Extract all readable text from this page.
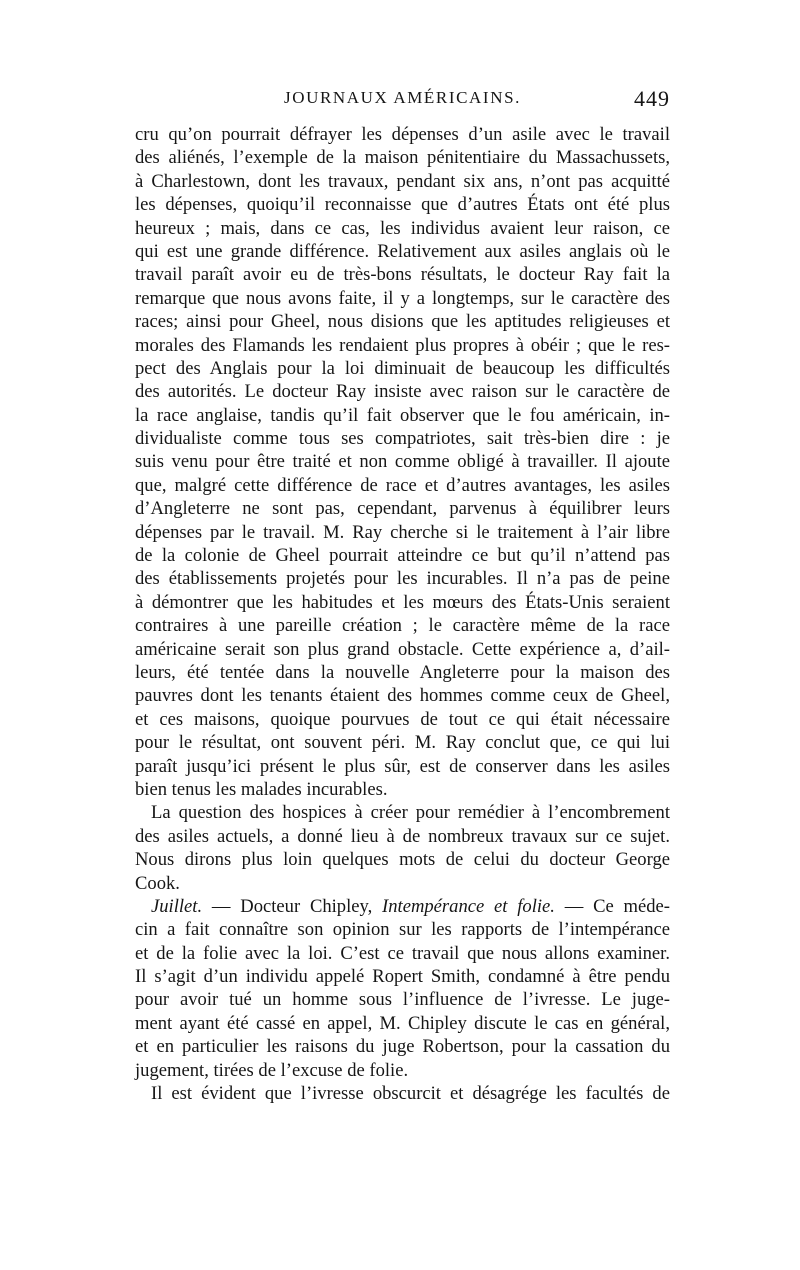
JOURNAUX AMÉRICAINS.	449
cru qu’on pourrait défrayer les dépenses d’un asile avec le travail
des aliénés, l’exemple de la maison pénitentiaire du Massachussets,
à Charlestown, dont les travaux, pendant six ans, n’ont pas acquitté
les dépenses, quoiqu’il reconnaisse que d’autres États ont été plus
heureux ; mais, dans ce cas, les individus avaient leur raison, ce
qui est une grande différence. Relativement aux asiles anglais où le
travail paraît avoir eu de très-bons résultats, le docteur Ray fait la
remarque que nous avons faite, il y a longtemps, sur le caractère des
races; ainsi pour Gheel, nous disions que les aptitudes religieuses et
morales des Flamands les rendaient plus propres à obéir ; que le res-
pect des Anglais pour la loi diminuait de beaucoup les difficultés
des autorités. Le docteur Ray insiste avec raison sur le caractère de
la race anglaise, tandis qu’il fait observer que le fou américain, in-
dividualiste comme tous ses compatriotes, sait très-bien dire : je
suis venu pour être traité et non comme obligé à travailler. Il ajoute
que, malgré cette différence de race et d’autres avantages, les asiles
d’Angleterre ne sont pas, cependant, parvenus à équilibrer leurs
dépenses par le travail. M. Ray cherche si le traitement à l’air libre
de la colonie de Gheel pourrait atteindre ce but qu’il n’attend pas
des établissements projetés pour les incurables. Il n’a pas de peine
à démontrer que les habitudes et les mœurs des États-Unis seraient
contraires à une pareille création ; le caractère même de la race
américaine serait son plus grand obstacle. Cette expérience a, d’ail-
leurs, été tentée dans la nouvelle Angleterre pour la maison des
pauvres dont les tenants étaient des hommes comme ceux de Gheel,
et ces maisons, quoique pourvues de tout ce qui était nécessaire
pour le résultat, ont souvent péri. M. Ray conclut que, ce qui lui
paraît jusqu’ici présent le plus sûr, est de conserver dans les asiles
bien tenus les malades incurables.
La question des hospices à créer pour remédier à l’encombrement
des asiles actuels, a donné lieu à de nombreux travaux sur ce sujet.
Nous dirons plus loin quelques mots de celui du docteur George
Cook.
Juillet. — Docteur Chipley, Intempérance et folie. — Ce méde-
cin a fait connaître son opinion sur les rapports de l’intempérance
et de la folie avec la loi. C’est ce travail que nous allons examiner.
Il s’agit d’un individu appelé Ropert Smith, condamné à être pendu
pour avoir tué un homme sous l’influence de l’ivresse. Le juge-
ment ayant été cassé en appel, M. Chipley discute le cas en général,
et en particulier les raisons du juge Robertson, pour la cassation du
jugement, tirées de l’excuse de folie.
Il est évident que l’ivresse obscurcit et désagrége les facultés de
